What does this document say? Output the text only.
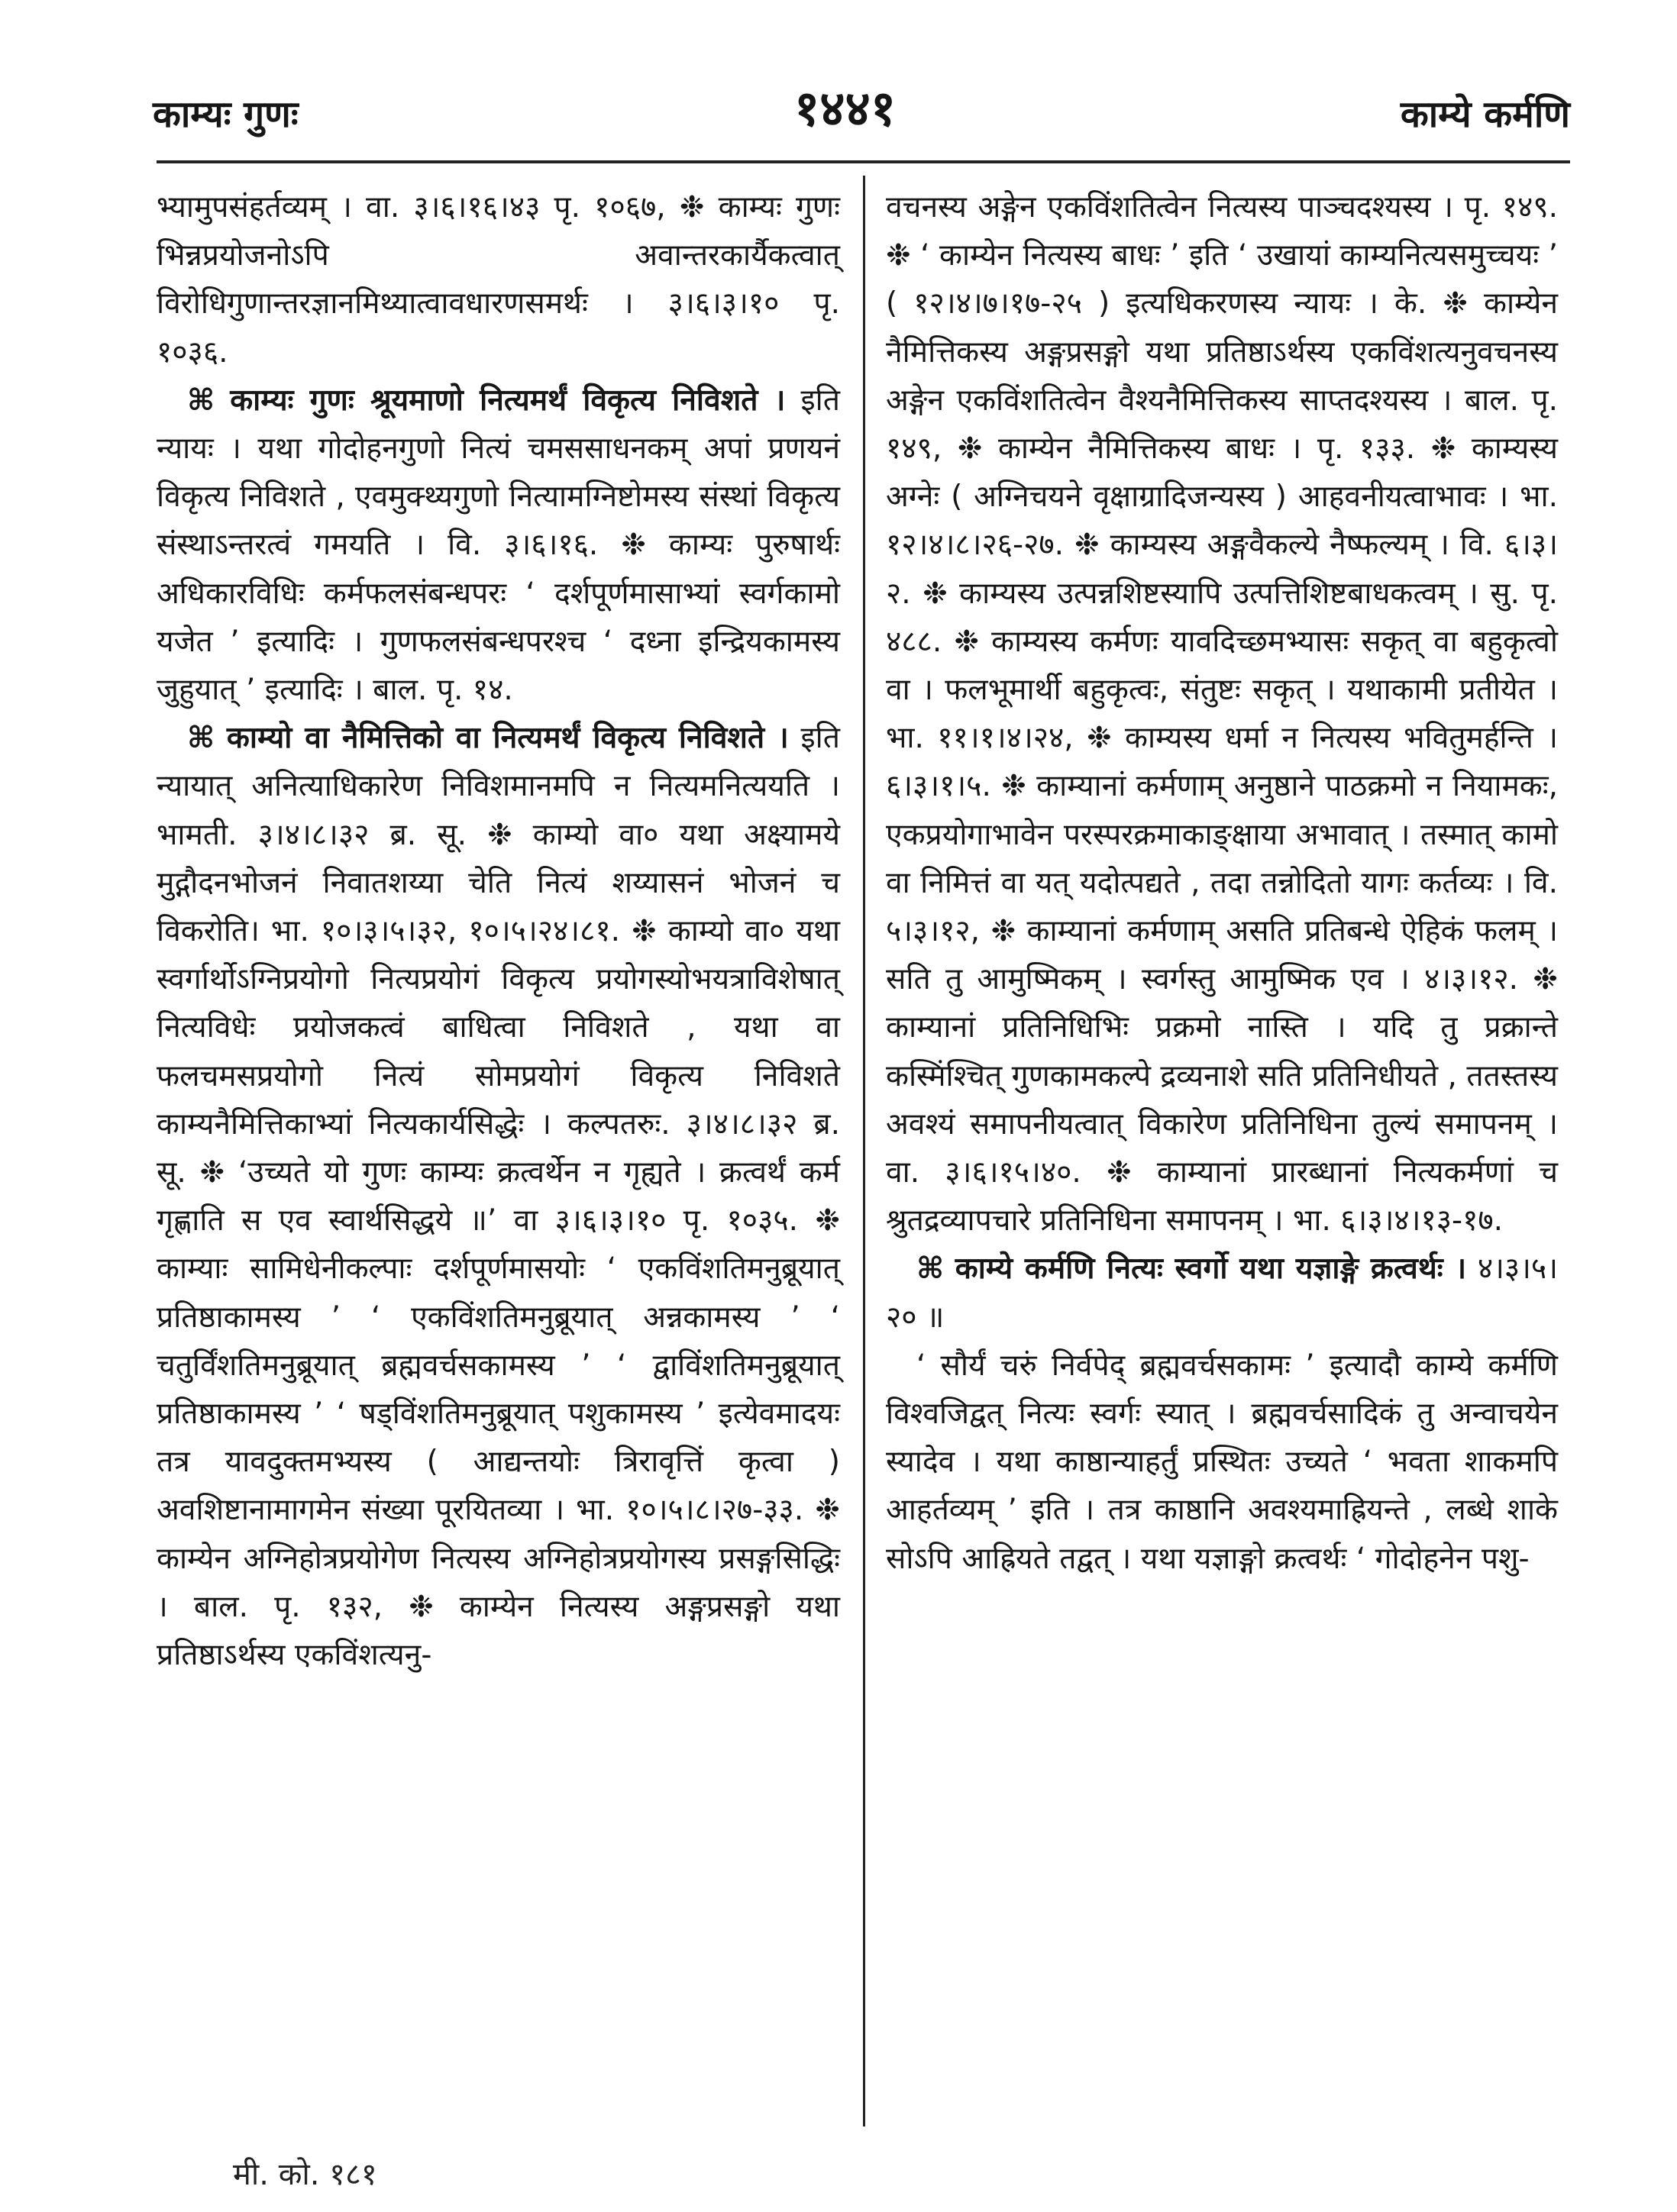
काम्यः गुणः	१४४१	काम्ये कर्मणि

भ्यामुपसंहर्तव्यम् । वा. ३।६।१६।४३ पृ. १०६७, ❉ काम्यः गुणः भिन्नप्रयोजनोऽपि अवान्तरकार्यैकत्वात् विरोधिगुणान्तरज्ञानमिथ्यात्वावधारणसमर्थः । ३।६।३।१० पृ. १०३६.

⌘ काम्यः गुणः श्रूयमाणो नित्यमर्थं विकृत्य निविशते । इति न्यायः । यथा गोदोहनगुणो नित्यं चमससाधनकम् अपां प्रणयनं विकृत्य निविशते , एवमुक्थ्यगुणो नित्यामग्निष्टोमस्य संस्थां विकृत्य संस्थाऽन्तरत्वं गमयति । वि. ३।६।१६. ❉ काम्यः पुरुषार्थः अधिकारविधिः कर्मफलसंबन्धपरः ‘ दर्शपूर्णमासाभ्यां स्वर्गकामो यजेत ’ इत्यादिः । गुणफलसंबन्धपरश्च ‘ दध्ना इन्द्रियकामस्य जुहुयात् ’ इत्यादिः । बाल. पृ. १४.

⌘ काम्यो वा नैमित्तिको वा नित्यमर्थं विकृत्य निविशते । इति न्यायात् अनित्याधिकारेण निविशमानमपि न नित्यमनित्ययति । भामती. ३।४।८।३२ ब्र. सू. ❉ काम्यो वा० यथा अक्ष्यामये मुद्गौदनभोजनं निवातशय्या चेति नित्यं शय्यासनं भोजनं च विकरोति। भा. १०।३।५।३२, १०।५।२४।८१. ❉ काम्यो वा० यथा स्वर्गार्थोऽग्निप्रयोगो नित्यप्रयोगं विकृत्य प्रयोगस्योभयत्राविशेषात् नित्यविधेः प्रयोजकत्वं बाधित्वा निविशते , यथा वा फलचमसप्रयोगो नित्यं सोमप्रयोगं विकृत्य निविशते काम्यनैमित्तिकाभ्यां नित्यकार्यसिद्धेः । कल्पतरुः. ३।४।८।३२ ब्र. सू. ❉ ‘उच्यते यो गुणः काम्यः क्रत्वर्थेन न गृह्यते । क्रत्वर्थं कर्म गृह्णाति स एव स्वार्थसिद्धये ॥’ वा ३।६।३।१० पृ. १०३५. ❉ काम्याः सामिधेनीकल्पाः दर्शपूर्णमासयोः ‘ एकविंशतिमनुब्रूयात् प्रतिष्ठाकामस्य ’ ‘ एकविंशतिमनुब्रूयात् अन्नकामस्य ’ ‘ चतुर्विंशतिमनुब्रूयात् ब्रह्मवर्चसकामस्य ’ ‘ द्वाविंशतिमनुब्रूयात् प्रतिष्ठाकामस्य ’ ‘ षड्विंशतिमनुब्रूयात् पशुकामस्य ’ इत्येवमादयः तत्र यावदुक्तमभ्यस्य ( आद्यन्तयोः त्रिरावृत्तिं कृत्वा ) अवशिष्टानामागमेन संख्या पूरयितव्या । भा. १०।५।८।२७-३३. ❉ काम्येन अग्निहोत्रप्रयोगेण नित्यस्य अग्निहोत्रप्रयोगस्य प्रसङ्गसिद्धिः । बाल. पृ. १३२, ❉ काम्येन नित्यस्य अङ्गप्रसङ्गो यथा प्रतिष्ठाऽर्थस्य एकविंशत्यनु-

वचनस्य अङ्गेन एकविंशतित्वेन नित्यस्य पाञ्चदश्यस्य । पृ. १४९. ❉ ‘ काम्येन नित्यस्य बाधः ’ इति ‘ उखायां काम्यनित्यसमुच्चयः ’ ( १२।४।७।१७-२५ ) इत्यधिकरणस्य न्यायः । के. ❉ काम्येन नैमित्तिकस्य अङ्गप्रसङ्गो यथा प्रतिष्ठाऽर्थस्य एकविंशत्यनुवचनस्य अङ्गेन एकविंशतित्वेन वैश्यनैमित्तिकस्य साप्तदश्यस्य । बाल. पृ. १४९, ❉ काम्येन नैमित्तिकस्य बाधः । पृ. १३३. ❉ काम्यस्य अग्नेः ( अग्निचयने वृक्षाग्रादिजन्यस्य ) आहवनीयत्वाभावः । भा. १२।४।८।२६-२७. ❉ काम्यस्य अङ्गवैकल्ये नैष्फल्यम् । वि. ६।३।२. ❉ काम्यस्य उत्पन्नशिष्टस्यापि उत्पत्तिशिष्टबाधकत्वम् । सु. पृ. ४८८. ❉ काम्यस्य कर्मणः यावदिच्छमभ्यासः सकृत् वा बहुकृत्वो वा । फलभूमार्थी बहुकृत्वः, संतुष्टः सकृत् । यथाकामी प्रतीयेत । भा. ११।१।४।२४, ❉ काम्यस्य धर्मा न नित्यस्य भवितुमर्हन्ति । ६।३।१।५. ❉ काम्यानां कर्मणाम् अनुष्ठाने पाठक्रमो न नियामकः, एकप्रयोगाभावेन परस्परक्रमाकाङ्क्षाया अभावात् । तस्मात् कामो वा निमित्तं वा यत् यदोत्पद्यते , तदा तन्नोदितो यागः कर्तव्यः । वि. ५।३।१२, ❉ काम्यानां कर्मणाम् असति प्रतिबन्धे ऐहिकं फलम् । सति तु आमुष्मिकम् । स्वर्गस्तु आमुष्मिक एव । ४।३।१२. ❉ काम्यानां प्रतिनिधिभिः प्रक्रमो नास्ति । यदि तु प्रक्रान्ते कस्मिंश्चित् गुणकामकल्पे द्रव्यनाशे सति प्रतिनिधीयते , ततस्तस्य अवश्यं समापनीयत्वात् विकारेण प्रतिनिधिना तुल्यं समापनम् । वा. ३।६।१५।४०. ❉ काम्यानां प्रारब्धानां नित्यकर्मणां च श्रुतद्रव्यापचारे प्रतिनिधिना समापनम् । भा. ६।३।४।१३-१७.

⌘ काम्ये कर्मणि नित्यः स्वर्गो यथा यज्ञाङ्गे क्रत्वर्थः । ४।३।५।२० ॥

‘ सौर्यं चरुं निर्वपेद् ब्रह्मवर्चसकामः ’ इत्यादौ काम्ये कर्मणि विश्वजिद्वत् नित्यः स्वर्गः स्यात् । ब्रह्मवर्चसादिकं तु अन्वाचयेन स्यादेव । यथा काष्ठान्याहर्तुं प्रस्थितः उच्यते ‘ भवता शाकमपि आहर्तव्यम् ’ इति । तत्र काष्ठानि अवश्यमाह्रियन्ते , लब्धे शाके सोऽपि आह्रियते तद्वत् । यथा यज्ञाङ्गो क्रत्वर्थः ‘ गोदोहनेन पशु-

मी. को. १८१
